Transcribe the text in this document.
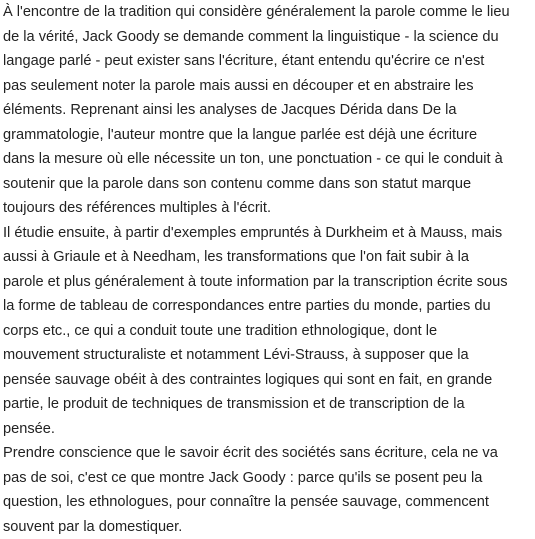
À l'encontre de la tradition qui considère généralement la parole comme le lieu
de la vérité, Jack Goody se demande comment la linguistique - la science du
langage parlé - peut exister sans l'écriture, étant entendu qu'écrire ce n'est
pas seulement noter la parole mais aussi en découper et en abstraire les
éléments. Reprenant ainsi les analyses de Jacques Dérida dans De la
grammatologie, l'auteur montre que la langue parlée est déjà une écriture
dans la mesure où elle nécessite un ton, une ponctuation - ce qui le conduit à
soutenir que la parole dans son contenu comme dans son statut marque
toujours des références multiples à l'écrit.
Il étudie ensuite, à partir d'exemples empruntés à Durkheim et à Mauss, mais
aussi à Griaule et à Needham, les transformations que l'on fait subir à la
parole et plus généralement à toute information par la transcription écrite sous
la forme de tableau de correspondances entre parties du monde, parties du
corps etc., ce qui a conduit toute une tradition ethnologique, dont le
mouvement structuraliste et notamment Lévi-Strauss, à supposer que la
pensée sauvage obéit à des contraintes logiques qui sont en fait, en grande
partie, le produit de techniques de transmission et de transcription de la
pensée.
Prendre conscience que le savoir écrit des sociétés sans écriture, cela ne va
pas de soi, c'est ce que montre Jack Goody : parce qu'ils se posent peu la
question, les ethnologues, pour connaître la pensée sauvage, commencent
souvent par la domestiquer.
